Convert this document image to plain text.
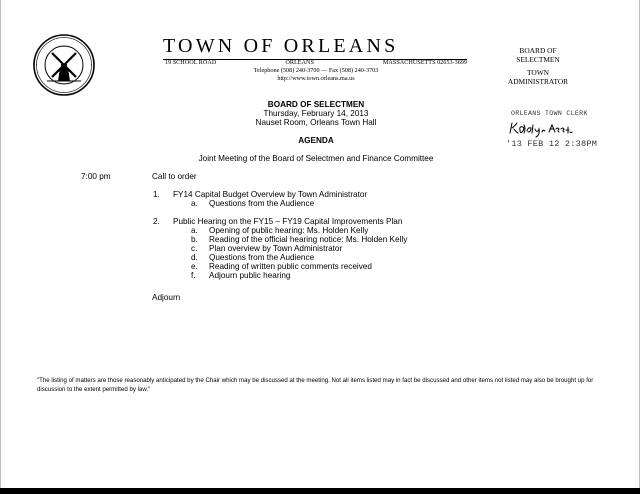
TOWN OF ORLEANS
19 SCHOOL ROAD	ORLEANS	MASSACHUSETTS 02653-3699
Telephone (508) 240-3700 — Fax (508) 240-3703
http://www.town.orleans.ma.us
BOARD OF
SELECTMEN
TOWN
ADMINISTRATOR
ORLEANS TOWN CLERK
'13 FEB 12 2:38PM
BOARD OF SELECTMEN
Thursday, February 14, 2013
Nauset Room, Orleans Town Hall
AGENDA
Joint Meeting of the Board of Selectmen and Finance Committee
7:00 pm	Call to order
1. FY14 Capital Budget Overview by Town Administrator
a. Questions from the Audience
2. Public Hearing on the FY15 – FY19 Capital Improvements Plan
a. Opening of public hearing: Ms. Holden Kelly
b. Reading of the official hearing notice: Ms. Holden Kelly
c. Plan overview by Town Administrator
d. Questions from the Audience
e. Reading of written public comments received
f. Adjourn public hearing
Adjourn
"The listing of matters are those reasonably anticipated by the Chair which may be discussed at the meeting. Not all items listed may in fact be discussed and other items not listed may also be brought up for discussion to the extent permitted by law."
